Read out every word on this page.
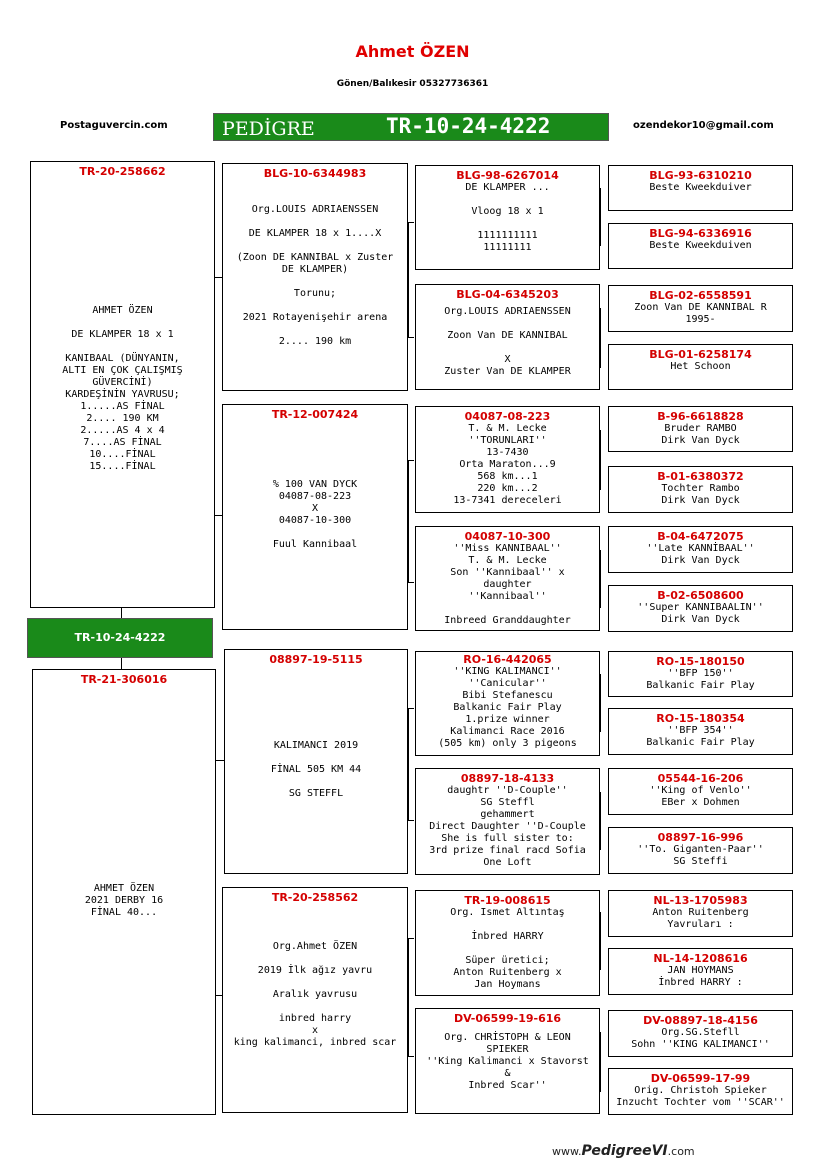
Ahmet ÖZEN
Gönen/Balıkesir 05327736361
Postaguvercin.com	ozendekor10@gmail.com
PEDİGRE	TR-10-24-4222
TR-20-258662
AHMET ÖZEN

DE KLAMPER 18 x 1

KANIBAAL (DÜNYANIN,
ALTI EN ÇOK ÇALIŞMIŞ
GÜVERCİNİ)
KARDEŞİNİN YAVRUSU;
1.....AS FİNAL
2.... 190 KM
2.....AS 4 x 4
7....AS FİNAL
10....FİNAL
15....FİNAL
TR-10-24-4222
TR-21-306016
AHMET ÖZEN
2021 DERBY 16
FİNAL 40...
BLG-10-6344983
Org.LOUIS ADRIAENSSEN

DE KLAMPER 18 x 1....X

(Zoon DE KANNIBAL x Zuster
DE KLAMPER)

Torunu;

2021 Rotayenişehir arena

2.... 190 km
TR-12-007424
% 100 VAN DYCK
04087-08-223
X
04087-10-300

Fuul Kannibaal
08897-19-5115
KALIMANCI 2019

FİNAL 505 KM 44

SG STEFFL
TR-20-258562
Org.Ahmet ÖZEN

2019 İlk ağız yavru

Aralık yavrusu

inbred harry
x
king kalimanci, inbred scar
BLG-98-6267014
DE KLAMPER ...

Vloog 18 x 1

1111111111
11111111
BLG-04-6345203
Org.LOUIS ADRIAENSSEN

Zoon Van DE KANNIBAL

X
Zuster Van DE KLAMPER
04087-08-223
T. & M. Lecke
''TORUNLARI''
13-7430
Orta Maraton...9
568 km...1
220 km...2
13-7341 dereceleri
04087-10-300
''Miss KANNIBAAL''
T. & M. Lecke
Son ''Kannibaal'' x
daughter
''Kannibaal''

Inbreed Granddaughter
RO-16-442065
''KING KALIMANCI''
''Canicular''
Bibi Stefanescu
Balkanic Fair Play
1.prize winner
Kalimanci Race 2016
(505 km) only 3 pigeons
08897-18-4133
daughtr ''D-Couple''
SG Steffl
gehammert
Direct Daughter ''D-Couple
She is full sister to:
3rd prize final racd Sofia
One Loft
TR-19-008615
Org. Ismet Altıntaş

İnbred HARRY

Süper üretici;
Anton Ruitenberg x
Jan Hoymans
DV-06599-19-616
Org. CHRİSTOPH & LEON
SPIEKER
''King Kalimanci x Stavorst
&
Inbred Scar''
BLG-93-6310210
Beste Kweekduiver
BLG-94-6336916
Beste Kweekduiven
BLG-02-6558591
Zoon Van DE KANNIBAL R
1995-
BLG-01-6258174
Het Schoon
B-96-6618828
Bruder RAMBO
Dirk Van Dyck
B-01-6380372
Tochter Rambo
Dirk Van Dyck
B-04-6472075
''Late KANNİBAAL''
Dirk Van Dyck
B-02-6508600
''Super KANNIBAALIN''
Dirk Van Dyck
RO-15-180150
''BFP 150''
Balkanic Fair Play
RO-15-180354
''BFP 354''
Balkanic Fair Play
05544-16-206
''King of Venlo''
EBer x Dohmen
08897-16-996
''To. Giganten-Paar''
SG Steffi
NL-13-1705983
Anton Ruitenberg
Yavruları :
NL-14-1208616
JAN HOYMANS
İnbred HARRY :
DV-08897-18-4156
Org.SG.Stefll
Sohn ''KING KALIMANCI''
DV-06599-17-99
Orig. Christoh Spieker
Inzucht Tochter vom ''SCAR''
www.PedigreeVI.com
